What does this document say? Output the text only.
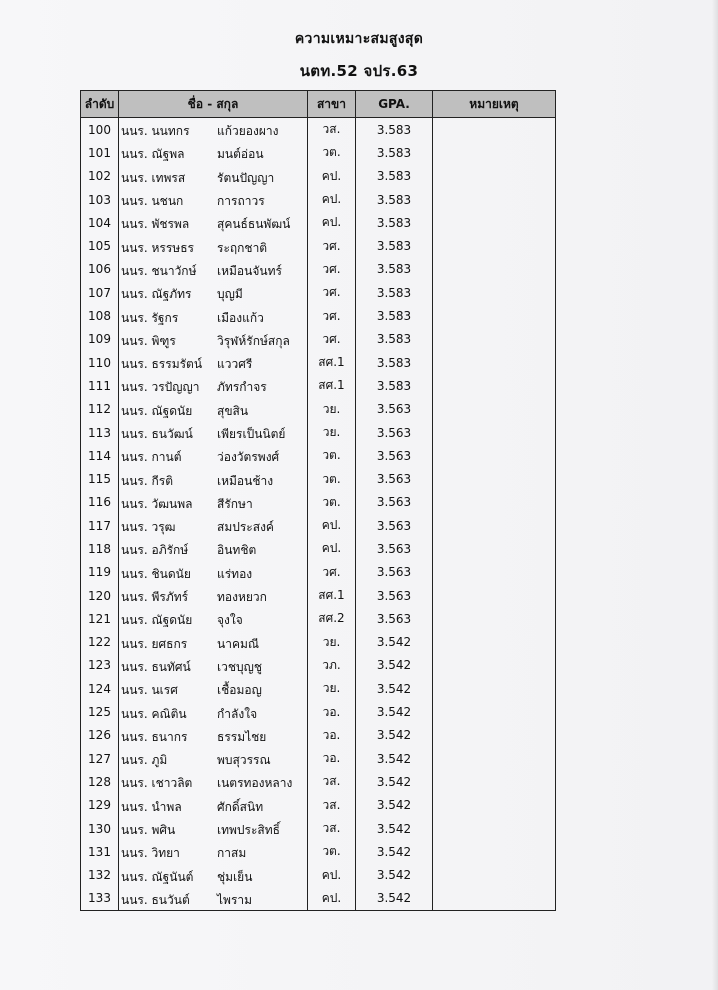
ความเหมาะสมสูงสุด
นตท.52 จปร.63
ลำดับ	ชื่อ - สกุล	สาขา	GPA.	หมายเหตุ
100	นนร. นนทกร แก้วยองผาง	วส.	3.583	
101	นนร. ณัฐพล มนต์อ่อน	วต.	3.583	
102	นนร. เทพรส รัตนปัญญา	คป.	3.583	
103	นนร. นชนก การถาวร	คป.	3.583	
104	นนร. พัชรพล สุคนธ์ธนพัฒน์	คป.	3.583	
105	นนร. หรรษธร ระฤกชาติ	วศ.	3.583	
106	นนร. ชนาวักษ์ เหมือนจันทร์	วศ.	3.583	
107	นนร. ณัฐภัทร บุญมี	วศ.	3.583	
108	นนร. รัฐกร เมืองแก้ว	วศ.	3.583	
109	นนร. พิฑูร วิรุฬห์รักษ์สกุล	วศ.	3.583	
110	นนร. ธรรมรัตน์ แววศรี	สศ.1	3.583	
111	นนร. วรปัญญา ภัทรกำจร	สศ.1	3.583	
112	นนร. ณัฐดนัย สุขสิน	วย.	3.563	
113	นนร. ธนวัฒน์ เพียรเป็นนิตย์	วย.	3.563	
114	นนร. กานต์ ว่องวัตรพงศ์	วต.	3.563	
115	นนร. กีรติ เหมือนช้าง	วต.	3.563	
116	นนร. วัฒนพล สีรักษา	วต.	3.563	
117	นนร. วรุฒ สมประสงค์	คป.	3.563	
118	นนร. อภิรักษ์ อินทชิต	คป.	3.563	
119	นนร. ชินดนัย แร่ทอง	วศ.	3.563	
120	นนร. พีรภัทร์ ทองหยวก	สศ.1	3.563	
121	นนร. ณัฐดนัย จุงใจ	สศ.2	3.563	
122	นนร. ยศธกร นาคมณี	วย.	3.542	
123	นนร. ธนทัศน์ เวชบุญชู	วภ.	3.542	
124	นนร. นเรศ เชื้อมอญ	วย.	3.542	
125	นนร. คณิติน กำลังใจ	วอ.	3.542	
126	นนร. ธนากร ธรรมไชย	วอ.	3.542	
127	นนร. ภูมิ พบสุวรรณ	วอ.	3.542	
128	นนร. เชาวลิต เนตรทองหลาง	วส.	3.542	
129	นนร. นำพล ศักดิ์สนิท	วส.	3.542	
130	นนร. พศิน เทพประสิทธิ์	วส.	3.542	
131	นนร. วิทยา กาสม	วต.	3.542	
132	นนร. ณัฐนันต์ ชุ่มเย็น	คป.	3.542	
133	นนร. ธนวันต์ ไพราม	คป.	3.542	
